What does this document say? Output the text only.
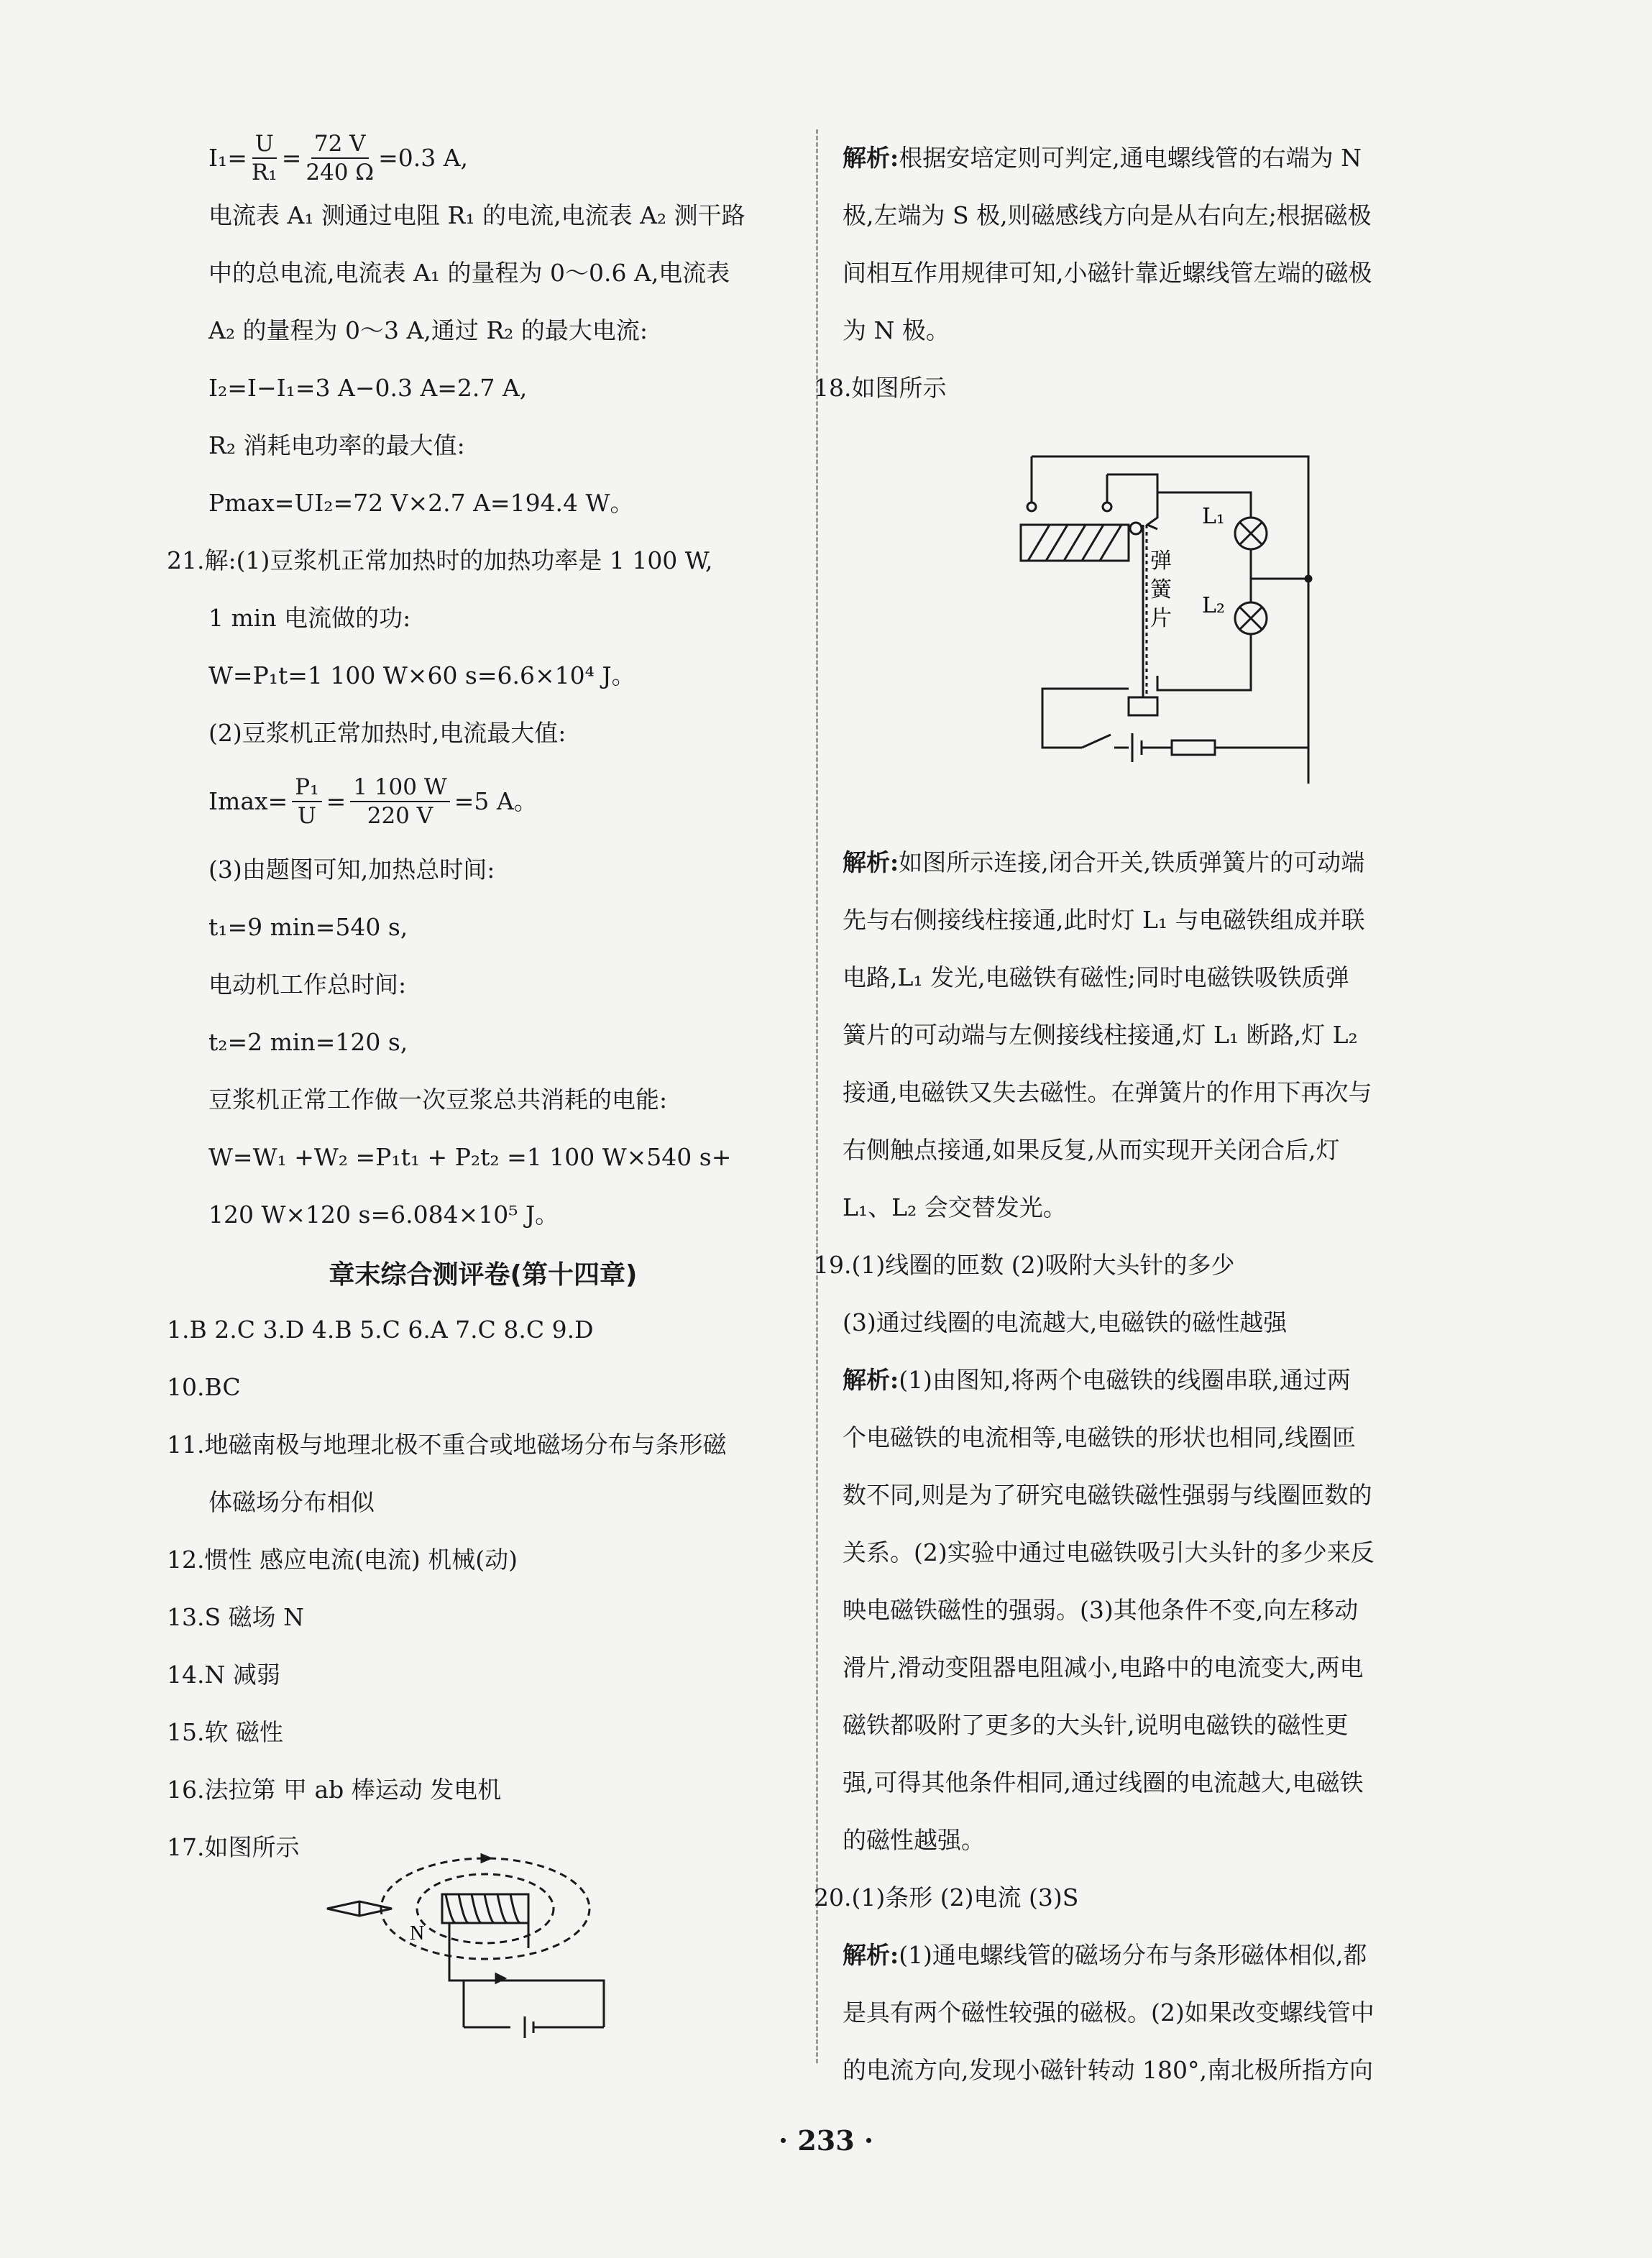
$I_1= \frac{U}{\text{R₁}} = \frac{72 V}{240 \Omega} =0.3$ A,

电流表 A₁ 测通过电阻 R₁ 的电流,电流表 A₂ 测干路

中的总电流,电流表 A₁ 的量程为 0～0.6 A,电流表

A₂ 的量程为 0～3 A,通过 R₂ 的最大电流:

I₂=I−I₁=3 A−0.3 A=2.7 A,

R₂ 消耗电功率的最大值:

Pmax=UI₂=72 V×2.7 A=194.4 W。

21.解:(1)豆浆机正常加热时的加热功率是 1 100 W,

1 min 电流做的功:

W=P₁t=1 100 W×60 s=6.6×10⁴ J。

(2)豆浆机正常加热时,电流最大值:

$Imax= \frac{\text{P₁}}{U} = \frac{1 100 W}{220 V} =5$ A。

(3)由题图可知,加热总时间:

t₁=9 min=540 s,

电动机工作总时间:

t₂=2 min=120 s,

豆浆机正常工作做一次豆浆总共消耗的电能:

W=W₁ +W₂ =P₁t₁ + P₂t₂ =1 100 W×540 s+

120 W×120 s=6.084×10⁵ J。

章末综合测评卷(第十四章)

1.B 2.C 3.D 4.B 5.C 6.A 7.C 8.C 9.D

10.BC

11.地磁南极与地理北极不重合或地磁场分布与条形磁

体磁场分布相似

12.惯性 感应电流(电流) 机械(动)

13.S 磁场 N

14.N 减弱

15.软 磁性

16.法拉第 甲 ab 棒运动 发电机

17.如图所示

N

解析: 根据安培定则可判定,通电螺线管的右端为 N

极,左端为 S 极,则磁感线方向是从右向左;根据磁极

间相互作用规律可知,小磁针靠近螺线管左端的磁极

为 N 极。

18.如图所示

弹
簧
片
L₁
L₂

解析: 如图所示连接,闭合开关,铁质弹簧片的可动端

先与右侧接线柱接通,此时灯 L₁ 与电磁铁组成并联

电路,L₁ 发光,电磁铁有磁性;同时电磁铁吸铁质弹

簧片的可动端与左侧接线柱接通,灯 L₁ 断路,灯 L₂

接通,电磁铁又失去磁性。在弹簧片的作用下再次与

右侧触点接通,如果反复,从而实现开关闭合后,灯

L₁、L₂ 会交替发光。

19.(1)线圈的匝数 (2)吸附大头针的多少

(3)通过线圈的电流越大,电磁铁的磁性越强

解析: (1)由图知,将两个电磁铁的线圈串联,通过两

个电磁铁的电流相等,电磁铁的形状也相同,线圈匝

数不同,则是为了研究电磁铁磁性强弱与线圈匝数的

关系。(2)实验中通过电磁铁吸引大头针的多少来反

映电磁铁磁性的强弱。(3)其他条件不变,向左移动

滑片,滑动变阻器电阻减小,电路中的电流变大,两电

磁铁都吸附了更多的大头针,说明电磁铁的磁性更

强,可得其他条件相同,通过线圈的电流越大,电磁铁

的磁性越强。

20.(1)条形 (2)电流 (3)S

解析: (1)通电螺线管的磁场分布与条形磁体相似,都

是具有两个磁性较强的磁极。(2)如果改变螺线管中

的电流方向,发现小磁针转动 180°,南北极所指方向

· 233 ·
